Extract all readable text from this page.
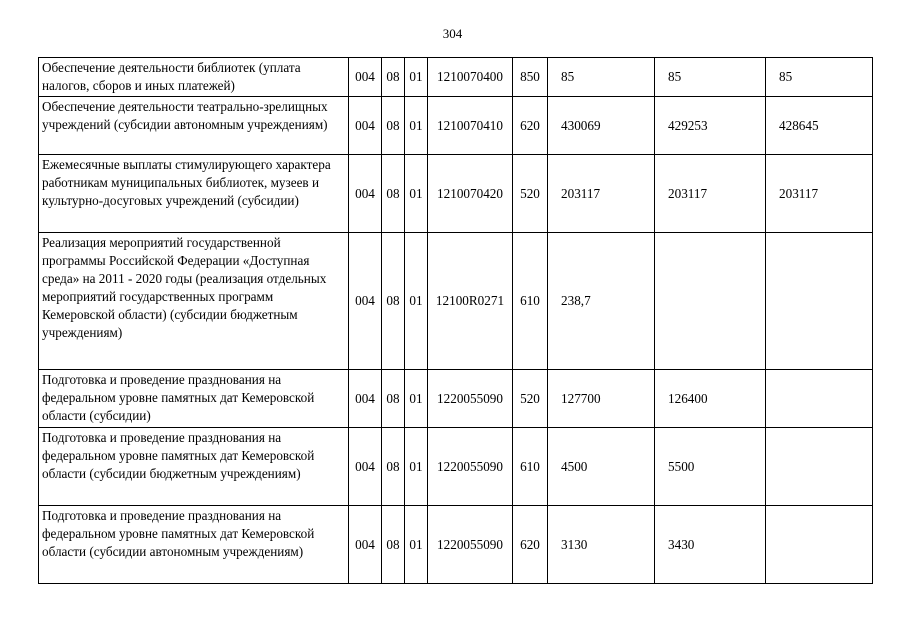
304
Обеспечение деятельности библиотек (уплата налогов, сборов и иных платежей)	004	08	01	1210070400	850	85	85	85
Обеспечение деятельности театрально-зрелищных учреждений (субсидии автономным учреждениям)	004	08	01	1210070410	620	430069	429253	428645
Ежемесячные выплаты стимулирующего характера работникам муниципальных библиотек, музеев и культурно-досуговых учреждений (субсидии)	004	08	01	1210070420	520	203117	203117	203117
Реализация мероприятий государственной программы Российской Федерации «Доступная среда» на 2011 - 2020 годы (реализация отдельных мероприятий государственных программ Кемеровской области) (субсидии бюджетным учреждениям)	004	08	01	12100R0271	610	238,7		
Подготовка и проведение празднования на федеральном уровне памятных дат Кемеровской области (субсидии)	004	08	01	1220055090	520	127700	126400	
Подготовка и проведение празднования на федеральном уровне памятных дат Кемеровской области (субсидии бюджетным учреждениям)	004	08	01	1220055090	610	4500	5500	
Подготовка и проведение празднования на федеральном уровне памятных дат Кемеровской области (субсидии автономным учреждениям)	004	08	01	1220055090	620	3130	3430	
